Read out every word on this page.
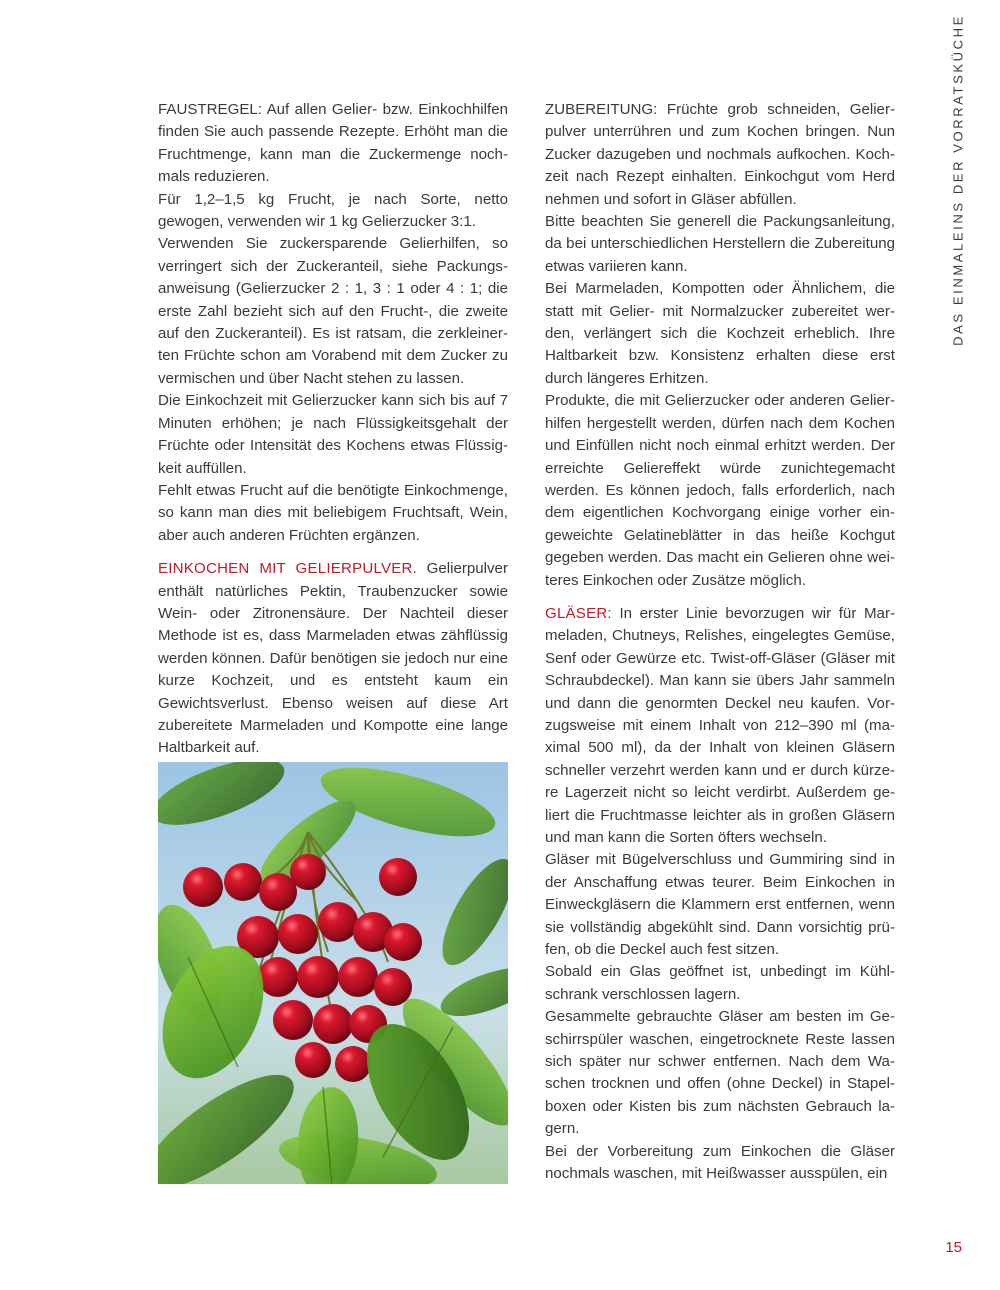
DAS EINMALEINS DER VORRATSKÜCHE

FAUSTREGEL: Auf allen Gelier- bzw. Einkochhilfen finden Sie auch passende Rezepte. Erhöht man die Fruchtmenge, kann man die Zuckermenge nochmals reduzieren.

Für 1,2–1,5 kg Frucht, je nach Sorte, netto gewogen, verwenden wir 1 kg Gelierzucker 3:1.

Verwenden Sie zuckersparende Gelierhilfen, so verringert sich der Zuckeranteil, siehe Packungsanweisung (Gelierzucker 2 : 1, 3 : 1 oder 4 : 1; die erste Zahl bezieht sich auf den Frucht-, die zweite auf den Zuckeranteil). Es ist ratsam, die zerkleinerten Früchte schon am Vorabend mit dem Zucker zu vermischen und über Nacht stehen zu lassen.

Die Einkochzeit mit Gelierzucker kann sich bis auf 7 Minuten erhöhen; je nach Flüssigkeitsgehalt der Früchte oder Intensität des Kochens etwas Flüssigkeit auffüllen.

Fehlt etwas Frucht auf die benötigte Einkochmenge, so kann man dies mit beliebigem Fruchtsaft, Wein, aber auch anderen Früchten ergänzen.

EINKOCHEN MIT GELIERPULVER. Gelierpulver enthält natürliches Pektin, Traubenzucker sowie Wein- oder Zitronensäure. Der Nachteil dieser Methode ist es, dass Marmeladen etwas zähflüssig werden können. Dafür benötigen sie jedoch nur eine kurze Kochzeit, und es entsteht kaum ein Gewichtsverlust. Ebenso weisen auf diese Art zubereitete Marmeladen und Kompotte eine lange Haltbarkeit auf.

ZUBEREITUNG: Früchte grob schneiden, Gelierpulver unterrühren und zum Kochen bringen. Nun Zucker dazugeben und nochmals aufkochen. Kochzeit nach Rezept einhalten. Einkochgut vom Herd nehmen und sofort in Gläser abfüllen.

Bitte beachten Sie generell die Packungsanleitung, da bei unterschiedlichen Herstellern die Zubereitung etwas variieren kann.

Bei Marmeladen, Kompotten oder Ähnlichem, die statt mit Gelier- mit Normalzucker zubereitet werden, verlängert sich die Kochzeit erheblich. Ihre Haltbarkeit bzw. Konsistenz erhalten diese erst durch längeres Erhitzen.

Produkte, die mit Gelierzucker oder anderen Gelierhilfen hergestellt werden, dürfen nach dem Kochen und Einfüllen nicht noch einmal erhitzt werden. Der erreichte Geliereffekt würde zunichtegemacht werden. Es können jedoch, falls erforderlich, nach dem eigentlichen Kochvorgang einige vorher eingeweichte Gelatineblätter in das heiße Kochgut gegeben werden. Das macht ein Gelieren ohne weiteres Einkochen oder Zusätze möglich.

GLÄSER: In erster Linie bevorzugen wir für Marmeladen, Chutneys, Relishes, eingelegtes Gemüse, Senf oder Gewürze etc. Twist-off-Gläser (Gläser mit Schraubdeckel). Man kann sie übers Jahr sammeln und dann die genormten Deckel neu kaufen. Vorzugsweise mit einem Inhalt von 212–390 ml (maximal 500 ml), da der Inhalt von kleinen Gläsern schneller verzehrt werden kann und er durch kürzere Lagerzeit nicht so leicht verdirbt. Außerdem geliert die Fruchtmasse leichter als in großen Gläsern und man kann die Sorten öfters wechseln.

Gläser mit Bügelverschluss und Gummiring sind in der Anschaffung etwas teurer. Beim Einkochen in Einweckgläsern die Klammern erst entfernen, wenn sie vollständig abgekühlt sind. Dann vorsichtig prüfen, ob die Deckel auch fest sitzen.

Sobald ein Glas geöffnet ist, unbedingt im Kühlschrank verschlossen lagern.

Gesammelte gebrauchte Gläser am besten im Geschirrspüler waschen, eingetrocknete Reste lassen sich später nur schwer entfernen. Nach dem Waschen trocknen und offen (ohne Deckel) in Stapelboxen oder Kisten bis zum nächsten Gebrauch lagern.

Bei der Vorbereitung zum Einkochen die Gläser nochmals waschen, mit Heißwasser ausspülen, ein

15
